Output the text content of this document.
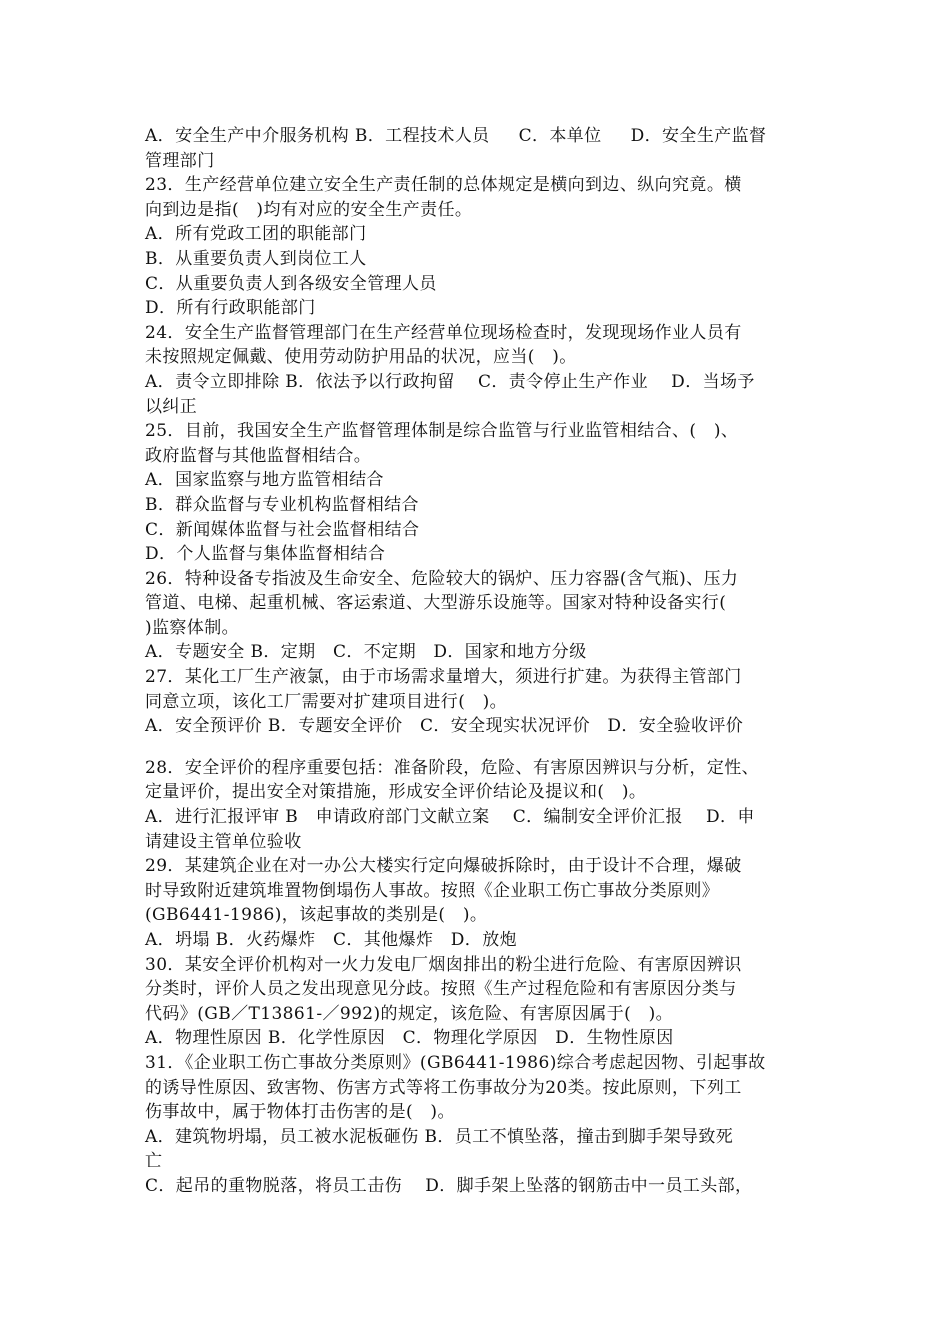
A．安全生产中介服务机构 B．工程技术人员　  C．本单位　  D．安全生产监督
管理部门
23．生产经营单位建立安全生产责任制的总体规定是横向到边、纵向究竟。横
向到边是指(　)均有对应的安全生产责任。
A．所有党政工团的职能部门
B．从重要负责人到岗位工人
C．从重要负责人到各级安全管理人员
D．所有行政职能部门
24．安全生产监督管理部门在生产经营单位现场检查时，发现现场作业人员有
未按照规定佩戴、使用劳动防护用品的状况，应当(　)。
A．责令立即排除 B．依法予以行政拘留　 C．责令停止生产作业　 D．当场予
以纠正
25．目前，我国安全生产监督管理体制是综合监管与行业监管相结合、(　)、
政府监督与其他监督相结合。
A．国家监察与地方监管相结合
B．群众监督与专业机构监督相结合
C．新闻媒体监督与社会监督相结合
D．个人监督与集体监督相结合
26．特种设备专指波及生命安全、危险较大的锅炉、压力容器(含气瓶)、压力
管道、电梯、起重机械、客运索道、大型游乐设施等。国家对特种设备实行(
)监察体制。
A．专题安全 B．定期　C．不定期　D．国家和地方分级
27．某化工厂生产液氯，由于市场需求量增大，须进行扩建。为获得主管部门
同意立项，该化工厂需要对扩建项目进行(　)。
A．安全预评价 B．专题安全评价　C．安全现实状况评价　D．安全验收评价
28．安全评价的程序重要包括：准备阶段，危险、有害原因辨识与分析，定性、
定量评价，提出安全对策措施，形成安全评价结论及提议和(　)。
A．进行汇报评审 B　申请政府部门文献立案　 C．编制安全评价汇报　 D．申
请建设主管单位验收
29．某建筑企业在对一办公大楼实行定向爆破拆除时，由于设计不合理，爆破
时导致附近建筑堆置物倒塌伤人事故。按照《企业职工伤亡事故分类原则》
(GB6441-1986)，该起事故的类别是(　)。
A．坍塌 B．火药爆炸　C．其他爆炸　D．放炮
30．某安全评价机构对一火力发电厂烟囱排出的粉尘进行危险、有害原因辨识
分类时，评价人员之发出现意见分歧。按照《生产过程危险和有害原因分类与
代码》(GB／T13861-／992)的规定，该危险、有害原因属于(　)。
A．物理性原因 B．化学性原因　C．物理化学原因　D．生物性原因
31．《企业职工伤亡事故分类原则》(GB6441-1986)综合考虑起因物、引起事故
的诱导性原因、致害物、伤害方式等将工伤事故分为20类。按此原则，下列工
伤事故中，属于物体打击伤害的是(　)。
A．建筑物坍塌，员工被水泥板砸伤 B．员工不慎坠落，撞击到脚手架导致死
亡
C．起吊的重物脱落，将员工击伤　 D．脚手架上坠落的钢筋击中一员工头部，
